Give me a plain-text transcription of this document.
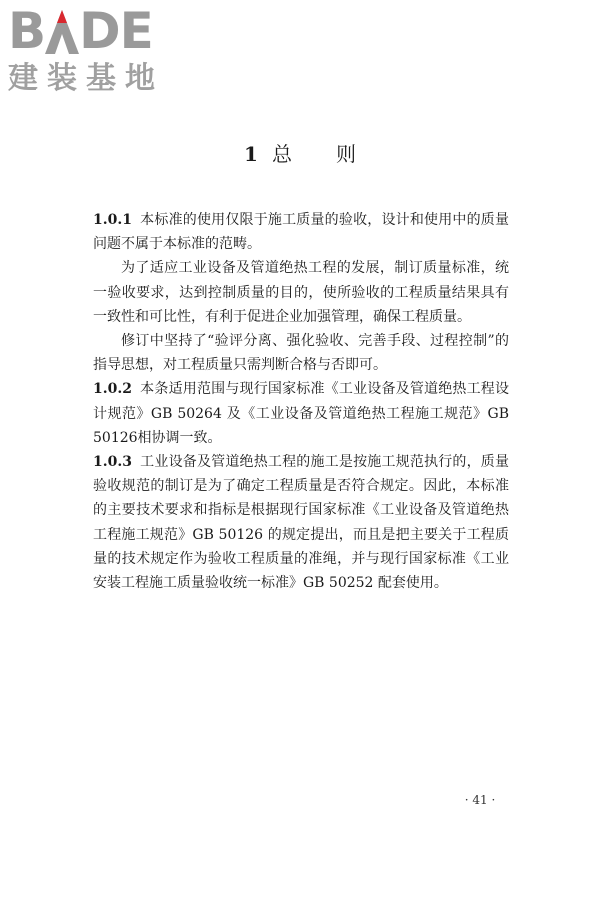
B DE
建装基地
1 总则

1.0.1 本标准的使用仅限于施工质量的验收，设计和使用中的质量问题不属于本标准的范畴。

为了适应工业设备及管道绝热工程的发展，制订质量标准，统一验收要求，达到控制质量的目的，使所验收的工程质量结果具有一致性和可比性，有利于促进企业加强管理，确保工程质量。

修订中坚持了“验评分离、强化验收、完善手段、过程控制”的指导思想，对工程质量只需判断合格与否即可。

1.0.2 本条适用范围与现行国家标准《工业设备及管道绝热工程设计规范》GB 50264 及《工业设备及管道绝热工程施工规范》GB 50126相协调一致。

1.0.3 工业设备及管道绝热工程的施工是按施工规范执行的，质量验收规范的制订是为了确定工程质量是否符合规定。因此，本标准的主要技术要求和指标是根据现行国家标准《工业设备及管道绝热工程施工规范》GB 50126 的规定提出，而且是把主要关于工程质量的技术规定作为验收工程质量的准绳，并与现行国家标准《工业安装工程施工质量验收统一标准》GB 50252 配套使用。

· 41 ·
